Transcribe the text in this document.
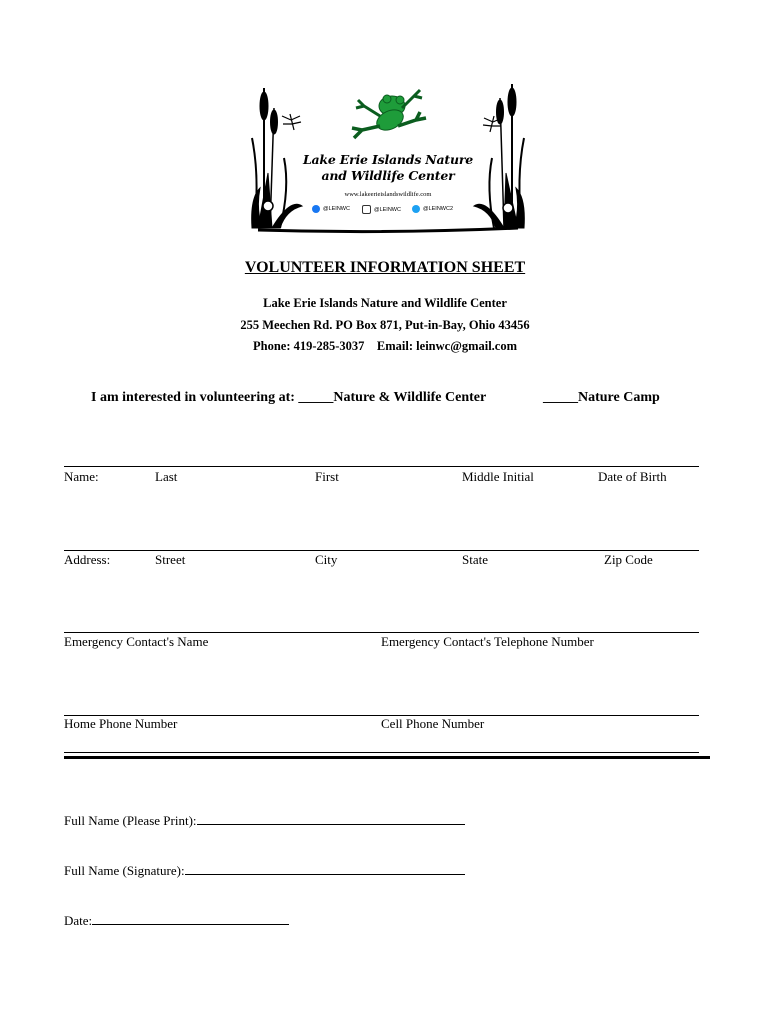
Lake Erie Islands Nature
and Wildlife Center
www.lakeerieislandswildlife.com
@LEINWC	@LEINWC	@LEINWC2
VOLUNTEER INFORMATION SHEET
Lake Erie Islands Nature and Wildlife Center
255 Meechen Rd. PO Box 871, Put-in-Bay, Ohio 43456
Phone: 419-285-3037    Email: leinwc@gmail.com
I am interested in volunteering at: _____Nature & Wildlife Center	_____Nature Camp
Name:	Last	First	Middle Initial	Date of Birth
Address:	Street	City	State	Zip Code
Emergency Contact's Name	Emergency Contact's Telephone Number
Home Phone Number	Cell Phone Number
Full Name (Please Print):
Full Name (Signature):
Date:
